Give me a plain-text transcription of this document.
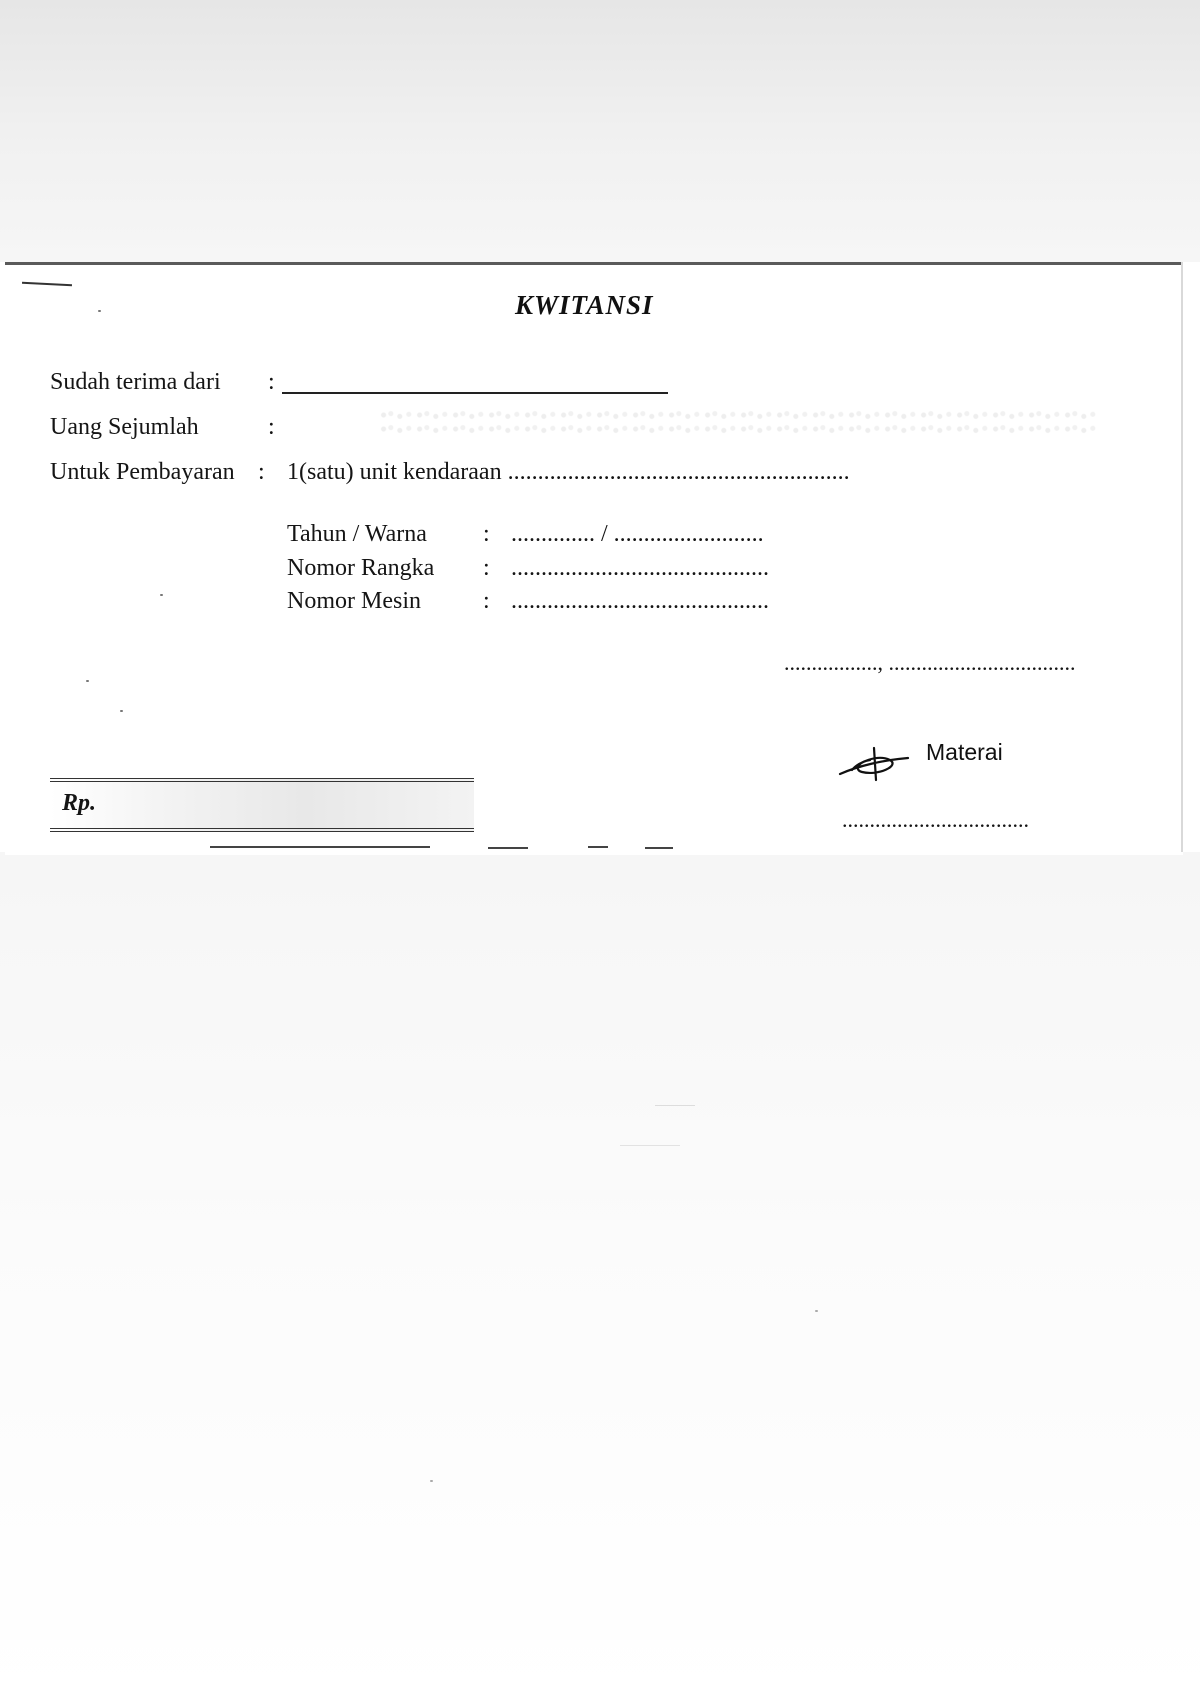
KWITANSI
Sudah terima dari :
Uang Sejumlah	:
Untuk Pembayaran : 1(satu) unit kendaraan .........................................................
Tahun / Warna : .............. / .........................
Nomor Rangka : ...........................................
Nomor Mesin	: ...........................................
................., ..................................
Materai
..................................
Rp.
